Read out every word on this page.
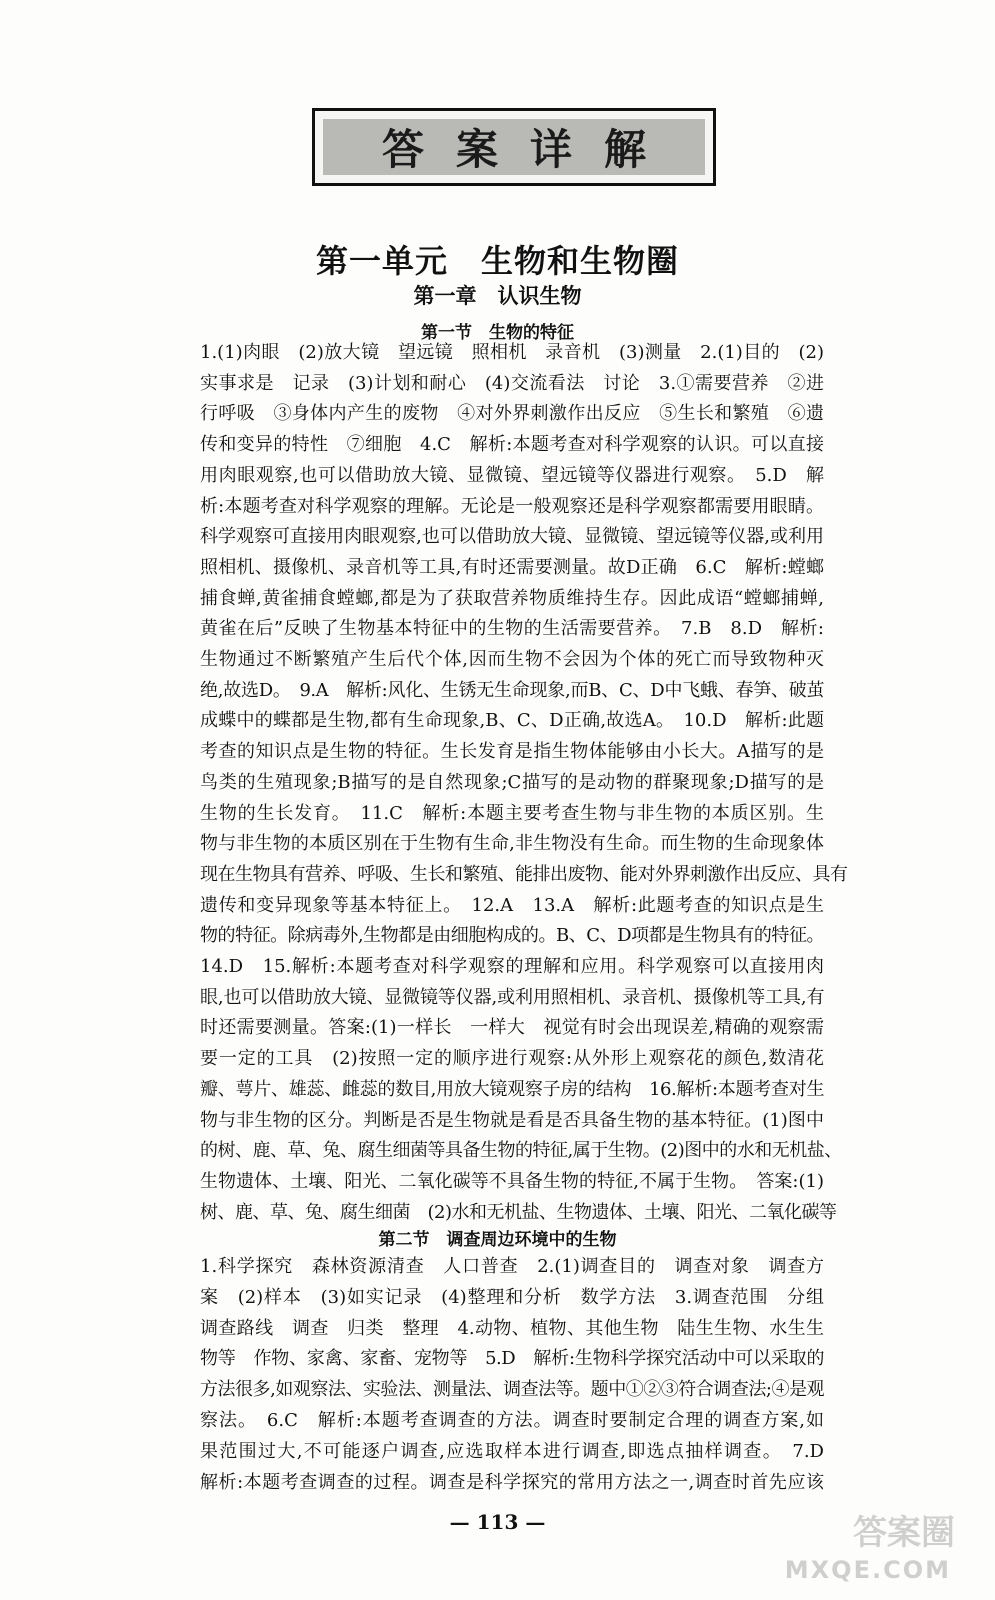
答案详解
第一单元　生物和生物圈
第一章　认识生物
第一节　生物的特征
1.(1)肉眼　(2)放大镜　望远镜　照相机　录音机　(3)测量　2.(1)目的　(2)
实事求是　记录　(3)计划和耐心　(4)交流看法　讨论　3.①需要营养　②进
行呼吸　③身体内产生的废物　④对外界刺激作出反应　⑤生长和繁殖　⑥遗
传和变异的特性　⑦细胞　4.C　解析:本题考查对科学观察的认识。可以直接
用肉眼观察,也可以借助放大镜、显微镜、望远镜等仪器进行观察。　5.D　解
析:本题考查对科学观察的理解。无论是一般观察还是科学观察都需要用眼睛。
科学观察可直接用肉眼观察,也可以借助放大镜、显微镜、望远镜等仪器,或利用
照相机、摄像机、录音机等工具,有时还需要测量。故D正确　6.C　解析:螳螂
捕食蝉,黄雀捕食螳螂,都是为了获取营养物质维持生存。因此成语“螳螂捕蝉,
黄雀在后”反映了生物基本特征中的生物的生活需要营养。　7.B　8.D　解析:
生物通过不断繁殖产生后代个体,因而生物不会因为个体的死亡而导致物种灭
绝,故选D。　9.A　解析:风化、生锈无生命现象,而B、C、D中飞蛾、春笋、破茧
成蝶中的蝶都是生物,都有生命现象,B、C、D正确,故选A。　10.D　解析:此题
考查的知识点是生物的特征。生长发育是指生物体能够由小长大。A描写的是
鸟类的生殖现象;B描写的是自然现象;C描写的是动物的群聚现象;D描写的是
生物的生长发育。　11.C　解析:本题主要考查生物与非生物的本质区别。生
物与非生物的本质区别在于生物有生命,非生物没有生命。而生物的生命现象体
现在生物具有营养、呼吸、生长和繁殖、能排出废物、能对外界刺激作出反应、具有
遗传和变异现象等基本特征上。　12.A　13.A　解析:此题考查的知识点是生
物的特征。除病毒外,生物都是由细胞构成的。B、C、D项都是生物具有的特征。
14.D　15.解析:本题考查对科学观察的理解和应用。科学观察可以直接用肉
眼,也可以借助放大镜、显微镜等仪器,或利用照相机、录音机、摄像机等工具,有
时还需要测量。答案:(1)一样长　一样大　视觉有时会出现误差,精确的观察需
要一定的工具　(2)按照一定的顺序进行观察:从外形上观察花的颜色,数清花
瓣、萼片、雄蕊、雌蕊的数目,用放大镜观察子房的结构　16.解析:本题考查对生
物与非生物的区分。判断是否是生物就是看是否具备生物的基本特征。(1)图中
的树、鹿、草、兔、腐生细菌等具备生物的特征,属于生物。(2)图中的水和无机盐、
生物遗体、土壤、阳光、二氧化碳等不具备生物的特征,不属于生物。　答案:(1)
树、鹿、草、兔、腐生细菌　(2)水和无机盐、生物遗体、土壤、阳光、二氧化碳等
第二节　调查周边环境中的生物
1.科学探究　森林资源清查　人口普查　2.(1)调查目的　调查对象　调查方
案　(2)样本　(3)如实记录　(4)整理和分析　数学方法　3.调查范围　分组
调查路线　调查　归类　整理　4.动物、植物、其他生物　陆生生物、水生生
物等　作物、家禽、家畜、宠物等　5.D　解析:生物科学探究活动中可以采取的
方法很多,如观察法、实验法、测量法、调查法等。题中①②③符合调查法;④是观
察法。　6.C　解析:本题考查调查的方法。调查时要制定合理的调查方案,如
果范围过大,不可能逐户调查,应选取样本进行调查,即选点抽样调查。　7.D
解析:本题考查调查的过程。调查是科学探究的常用方法之一,调查时首先应该
— 113 —	答案圈
MXQE.COM
